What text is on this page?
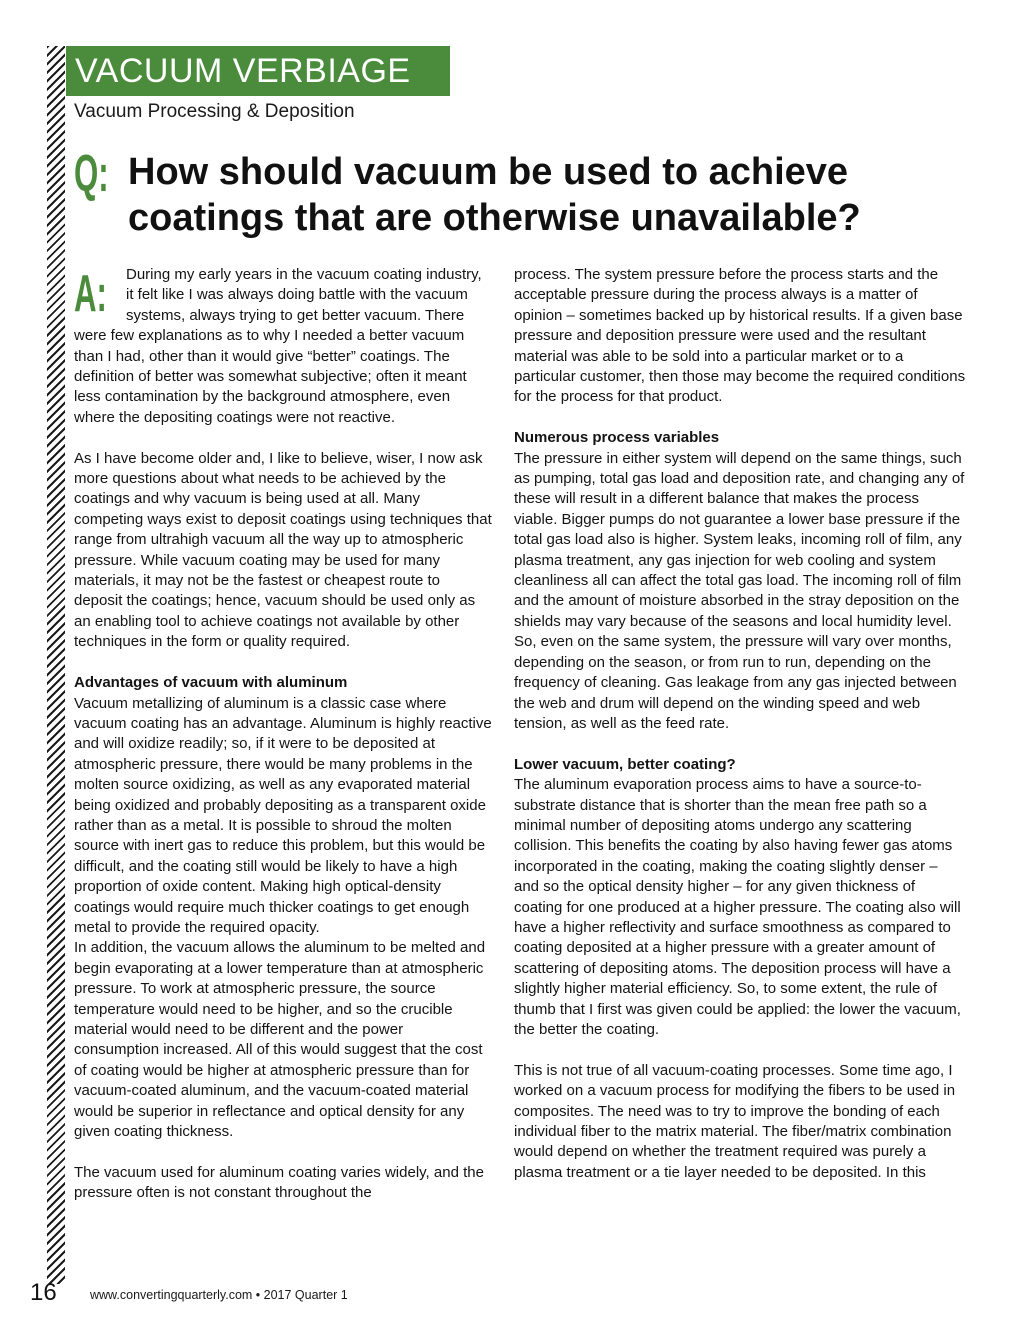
VACUUM VERBIAGE
Vacuum Processing & Deposition
Q: How should vacuum be used to achieve coatings that are otherwise unavailable?
A:	During my early years in the vacuum coating industry, it felt like I was always doing battle with the vacuum systems, always trying to get better vacuum. There were few explanations as to why I needed a better vacuum than I had, other than it would give “better” coatings. The definition of better was somewhat subjective; often it meant less contamination by the background atmosphere, even where the depositing coatings were not reactive.

As I have become older and, I like to believe, wiser, I now ask more questions about what needs to be achieved by the coatings and why vacuum is being used at all. Many competing ways exist to deposit coatings using techniques that range from ultrahigh vacuum all the way up to atmospheric pressure. While vacuum coating may be used for many materials, it may not be the fastest or cheapest route to deposit the coatings; hence, vacuum should be used only as an enabling tool to achieve coatings not available by other techniques in the form or quality required.

Advantages of vacuum with aluminum

Vacuum metallizing of aluminum is a classic case where vacuum coating has an advantage. Aluminum is highly reactive and will oxidize readily; so, if it were to be deposited at atmospheric pressure, there would be many problems in the molten source oxidizing, as well as any evaporated material being oxidized and probably depositing as a transparent oxide rather than as a metal. It is possible to shroud the molten source with inert gas to reduce this problem, but this would be difficult, and the coating still would be likely to have a high proportion of oxide content. Making high optical-density coatings would require much thicker coatings to get enough metal to provide the required opacity.

In addition, the vacuum allows the aluminum to be melted and begin evaporating at a lower temperature than at atmospheric pressure. To work at atmospheric pressure, the source temperature would need to be higher, and so the crucible material would need to be different and the power consumption increased. All of this would suggest that the cost of coating would be higher at atmospheric pressure than for vacuum-coated aluminum, and the vacuum-coated material would be superior in reflectance and optical density for any given coating thickness.

The vacuum used for aluminum coating varies widely, and the pressure often is not constant throughout the

process. The system pressure before the process starts and the acceptable pressure during the process always is a matter of opinion – sometimes backed up by historical results. If a given base pressure and deposition pressure were used and the resultant material was able to be sold into a particular market or to a particular customer, then those may become the required conditions for the process for that product.

Numerous process variables

The pressure in either system will depend on the same things, such as pumping, total gas load and deposition rate, and changing any of these will result in a different balance that makes the process viable. Bigger pumps do not guarantee a lower base pressure if the total gas load also is higher. System leaks, incoming roll of film, any plasma treatment, any gas injection for web cooling and system cleanliness all can affect the total gas load. The incoming roll of film and the amount of moisture absorbed in the stray deposition on the shields may vary because of the seasons and local humidity level. So, even on the same system, the pressure will vary over months, depending on the season, or from run to run, depending on the frequency of cleaning. Gas leakage from any gas injected between the web and drum will depend on the winding speed and web tension, as well as the feed rate.

Lower vacuum, better coating?

The aluminum evaporation process aims to have a source-to-substrate distance that is shorter than the mean free path so a minimal number of depositing atoms undergo any scattering collision. This benefits the coating by also having fewer gas atoms incorporated in the coating, making the coating slightly denser – and so the optical density higher – for any given thickness of coating for one produced at a higher pressure. The coating also will have a higher reflectivity and surface smoothness as compared to coating deposited at a higher pressure with a greater amount of scattering of depositing atoms. The deposition process will have a slightly higher material efficiency. So, to some extent, the rule of thumb that I first was given could be applied: the lower the vacuum, the better the coating.

This is not true of all vacuum-coating processes. Some time ago, I worked on a vacuum process for modifying the fibers to be used in composites. The need was to try to improve the bonding of each individual fiber to the matrix material. The fiber/matrix combination would depend on whether the treatment required was purely a plasma treatment or a tie layer needed to be deposited. In this

16	www.convertingquarterly.com • 2017 Quarter 1
